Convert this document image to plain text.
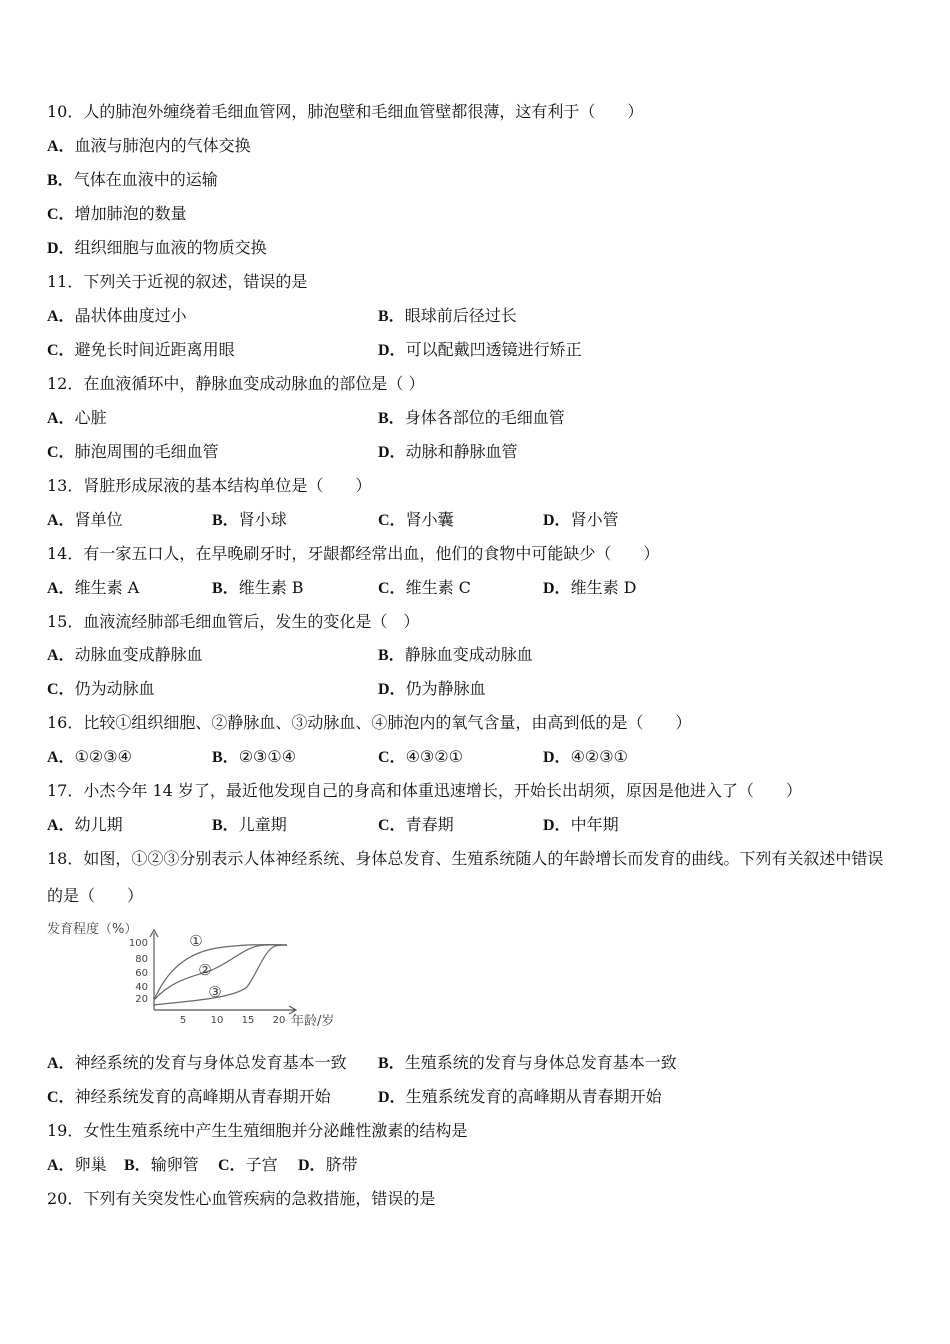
10．人的肺泡外缠绕着毛细血管网，肺泡壁和毛细血管壁都很薄，这有利于（　　）
A．血液与肺泡内的气体交换
B．气体在血液中的运输
C．增加肺泡的数量
D．组织细胞与血液的物质交换
11．下列关于近视的叙述，错误的是
A．晶状体曲度过小	B．眼球前后径过长
C．避免长时间近距离用眼	D．可以配戴凹透镜进行矫正
12．在血液循环中，静脉血变成动脉血的部位是（ ）
A．心脏	B．身体各部位的毛细血管
C．肺泡周围的毛细血管	D．动脉和静脉血管
13．肾脏形成尿液的基本结构单位是（　　）
A．肾单位	B．肾小球	C．肾小囊	D．肾小管
14．有一家五口人，在早晚刷牙时，牙龈都经常出血，他们的食物中可能缺少（　　）
A．维生素 A	B．维生素 B	C．维生素 C	D．维生素 D
15．血液流经肺部毛细血管后，发生的变化是（　）
A．动脉血变成静脉血	B．静脉血变成动脉血
C．仍为动脉血	D．仍为静脉血
16．比较①组织细胞、②静脉血、③动脉血、④肺泡内的氧气含量，由高到低的是（　　）
A．①②③④	B．②③①④	C．④③②①	D．④②③①
17．小杰今年 14 岁了，最近他发现自己的身高和体重迅速增长，开始长出胡须，原因是他进入了（　　）
A．幼儿期	B．儿童期	C．青春期	D．中年期
18．如图，①②③分别表示人体神经系统、身体总发育、生殖系统随人的年龄增长而发育的曲线。下列有关叙述中错误
的是（　　）
发育程度（%）
100
80
60
40
20
5 10 15 20 年龄/岁
①
②
③
A．神经系统的发育与身体总发育基本一致 B．生殖系统的发育与身体总发育基本一致
C．神经系统发育的高峰期从青春期开始	D．生殖系统发育的高峰期从青春期开始
19．女性生殖系统中产生生殖细胞并分泌雌性激素的结构是
A．卵巢 B．输卵管 C．子宫 D．脐带
20．下列有关突发性心血管疾病的急救措施，错误的是
